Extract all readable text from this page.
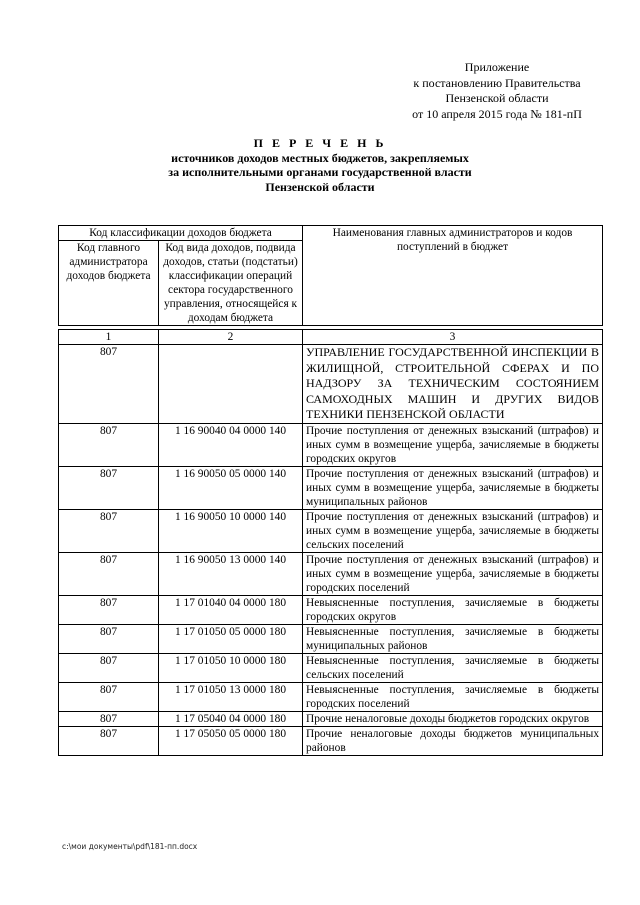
Приложение
к постановлению Правительства
Пензенской области
от 10 апреля 2015 года № 181-пП
П Е Р Е Ч Е Н Ь
источников доходов местных бюджетов, закрепляемых
за исполнительными органами государственной власти
Пензенской области
Код классификации доходов бюджета		Наименования главных администраторов и кодов поступлений в бюджет
Код главного администратора доходов бюджета	Код вида доходов, подвида доходов, статьи (подстатьи) классификации операций сектора государственного управления, относящейся к доходам бюджета	

1	2	3
807		УПРАВЛЕНИЕ ГОСУДАРСТВЕННОЙ ИНСПЕКЦИИ В ЖИЛИЩНОЙ, СТРОИТЕЛЬНОЙ СФЕРАХ И ПО НАДЗОРУ ЗА ТЕХНИЧЕСКИМ СОСТОЯНИЕМ САМОХОДНЫХ МАШИН И ДРУГИХ ВИДОВ ТЕХНИКИ ПЕНЗЕНСКОЙ ОБЛАСТИ
807	1 16 90040 04 0000 140	Прочие поступления от денежных взысканий (штрафов) и иных сумм в возмещение ущерба, зачисляемые в бюджеты городских округов
807	1 16 90050 05 0000 140	Прочие поступления от денежных взысканий (штрафов) и иных сумм в возмещение ущерба, зачисляемые в бюджеты муниципальных районов
807	1 16 90050 10 0000 140	Прочие поступления от денежных взысканий (штрафов) и иных сумм в возмещение ущерба, зачисляемые в бюджеты сельских поселений
807	1 16 90050 13 0000 140	Прочие поступления от денежных взысканий (штрафов) и иных сумм в возмещение ущерба, зачисляемые в бюджеты городских поселений
807	1 17 01040 04 0000 180	Невыясненные поступления, зачисляемые в бюджеты городских округов
807	1 17 01050 05 0000 180	Невыясненные поступления, зачисляемые в бюджеты муниципальных районов
807	1 17 01050 10 0000 180	Невыясненные поступления, зачисляемые в бюджеты сельских поселений
807	1 17 01050 13 0000 180	Невыясненные поступления, зачисляемые в бюджеты городских поселений
807	1 17 05040 04 0000 180	Прочие неналоговые доходы бюджетов городских округов
807	1 17 05050 05 0000 180	Прочие неналоговые доходы бюджетов муниципальных районов
c:\мои документы\pdf\181-пп.docx
